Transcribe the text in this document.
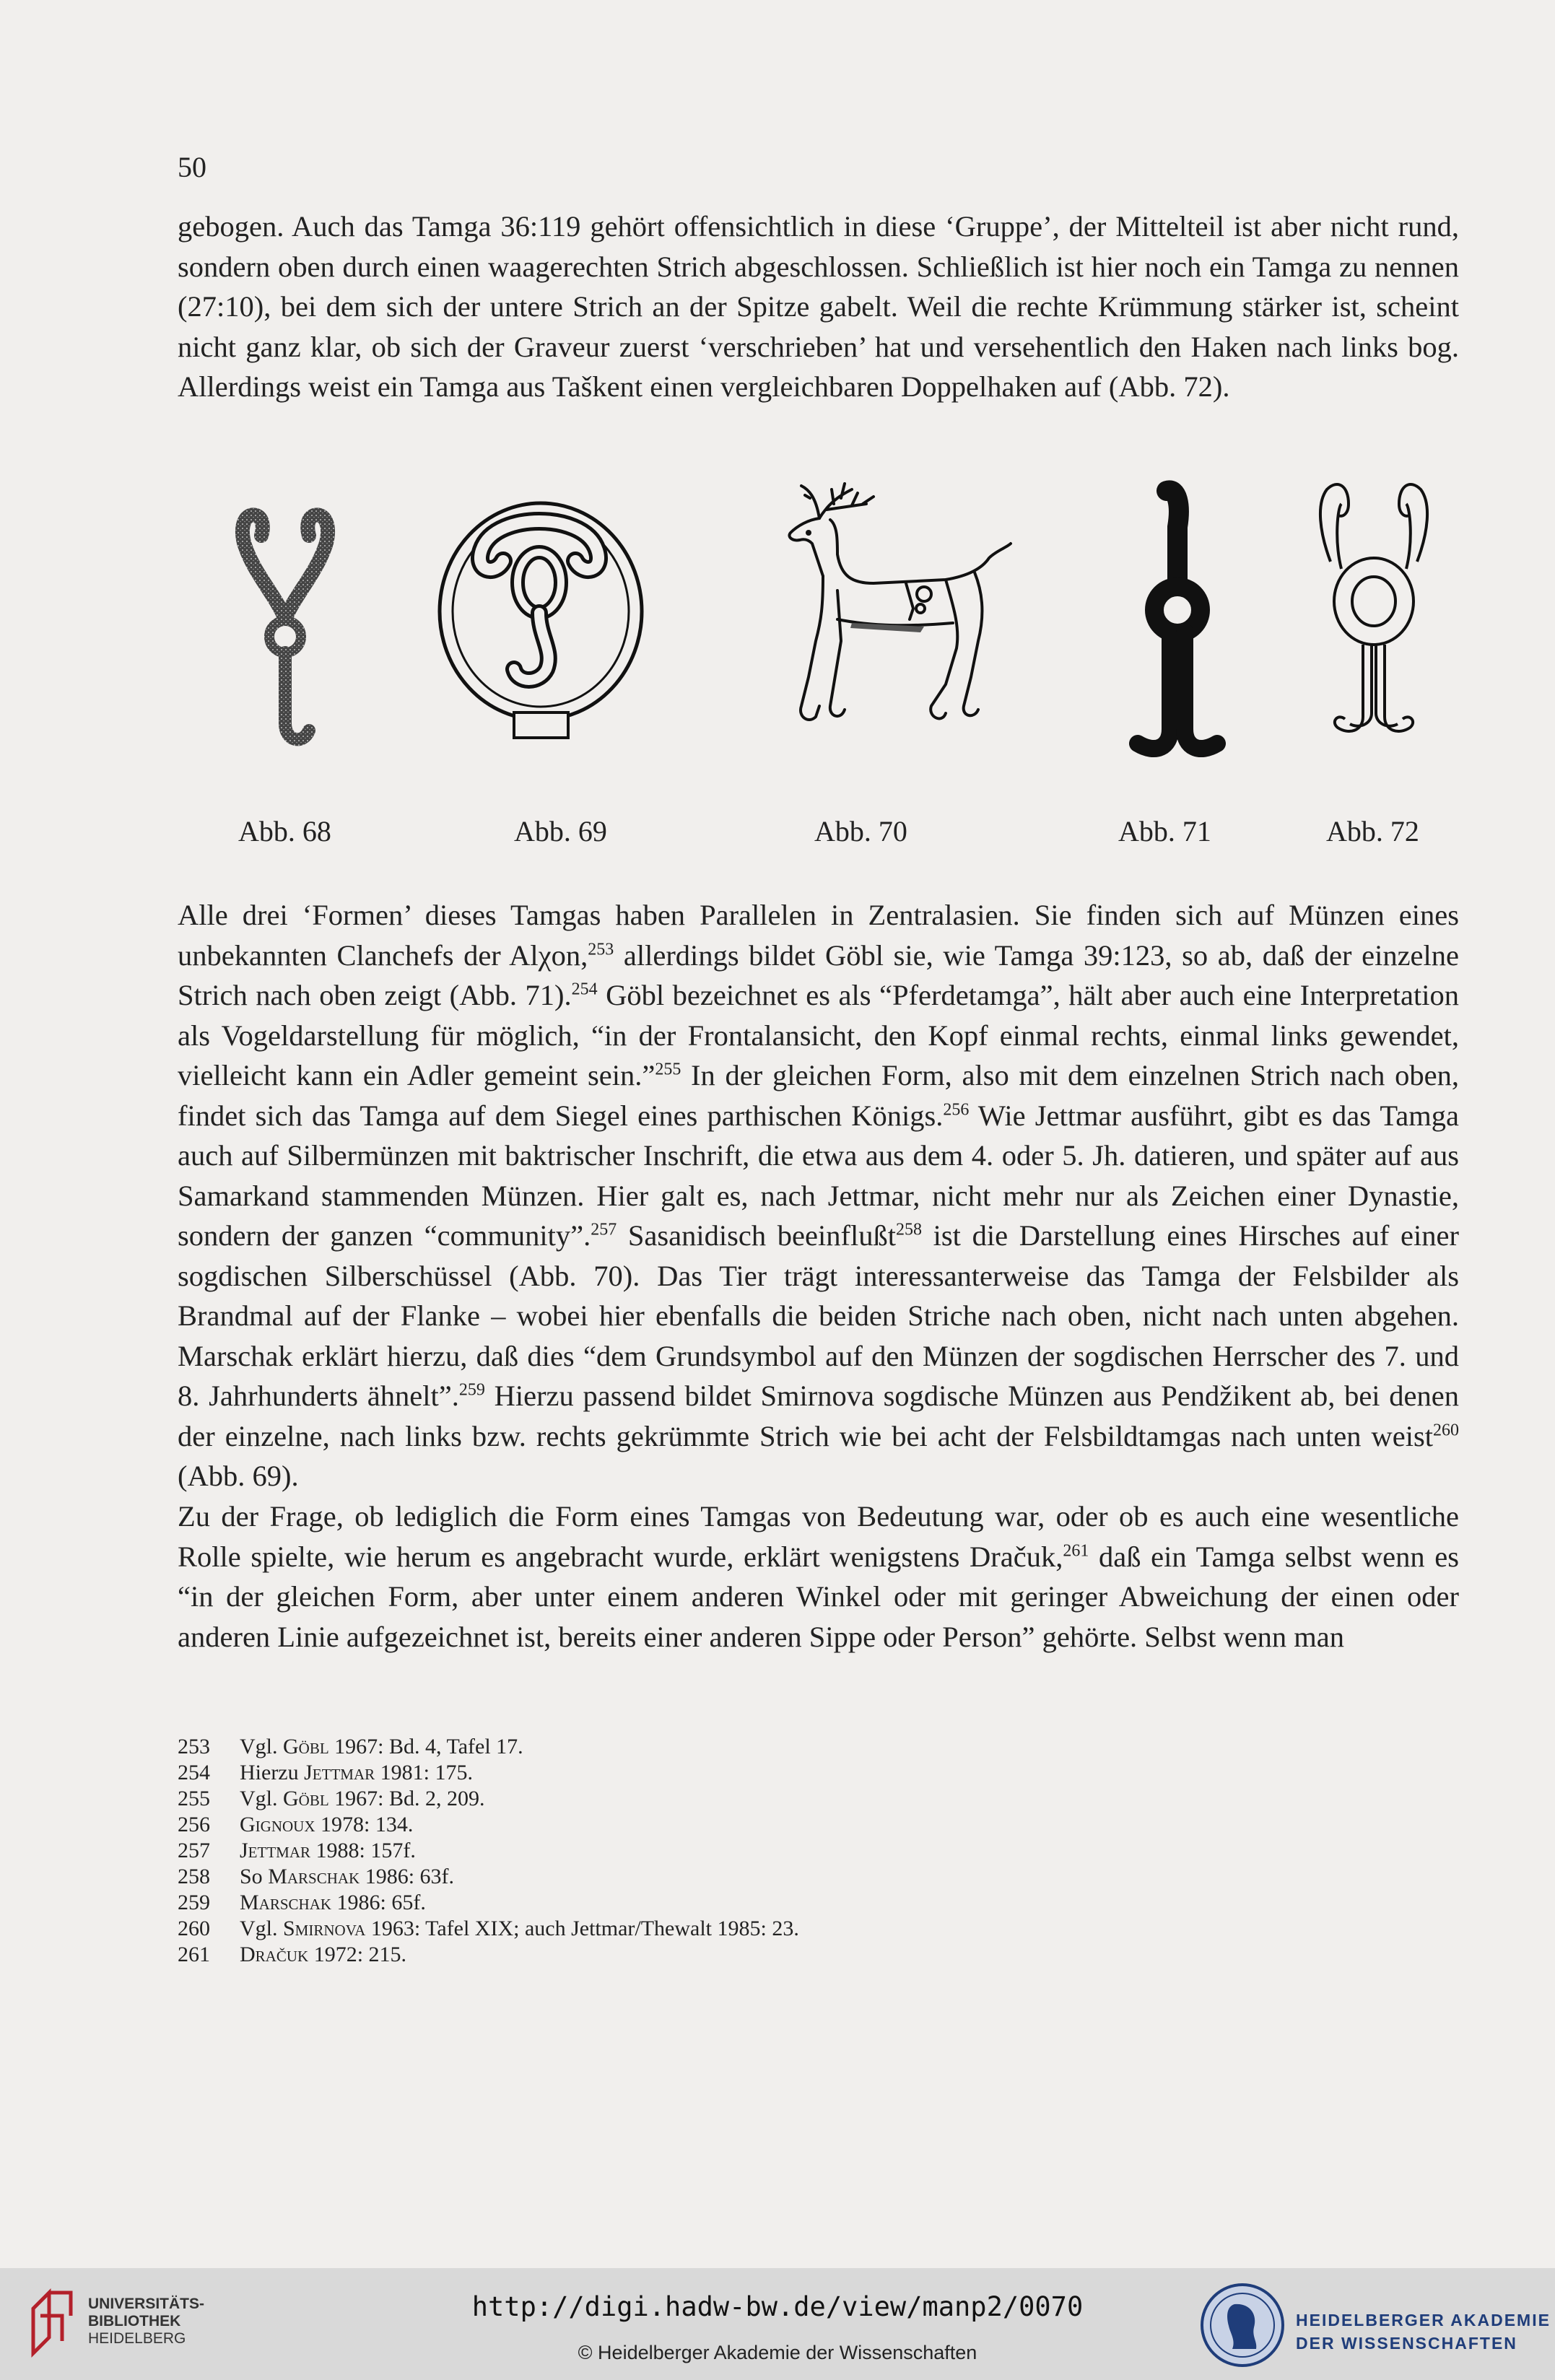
50

gebogen. Auch das Tamga 36:119 gehört offensichtlich in diese ‘Gruppe’, der Mittelteil ist aber nicht rund, sondern oben durch einen waagerechten Strich abgeschlossen. Schließlich ist hier noch ein Tamga zu nennen (27:10), bei dem sich der untere Strich an der Spitze gabelt. Weil die rechte Krümmung stärker ist, scheint nicht ganz klar, ob sich der Graveur zuerst ‘verschrieben’ hat und versehentlich den Haken nach links bog. Allerdings weist ein Tamga aus Taškent einen vergleichbaren Doppelhaken auf (Abb. 72).

Abb. 68	Abb. 69	Abb. 70	Abb. 71	Abb. 72

Alle drei ‘Formen’ dieses Tamgas haben Parallelen in Zentralasien. Sie finden sich auf Münzen eines unbekannten Clanchefs der Alχon,$^{253}$ allerdings bildet Göbl sie, wie Tamga 39:123, so ab, daß der einzelne Strich nach oben zeigt (Abb. 71).$^{254}$ Göbl bezeichnet es als “Pferdetamga”, hält aber auch eine Interpretation als Vogeldarstellung für möglich, “in der Frontalansicht, den Kopf einmal rechts, einmal links gewendet, vielleicht kann ein Adler gemeint sein.”$^{255}$ In der gleichen Form, also mit dem einzelnen Strich nach oben, findet sich das Tamga auf dem Siegel eines parthischen Königs.$^{256}$ Wie Jettmar ausführt, gibt es das Tamga auch auf Silbermünzen mit baktrischer Inschrift, die etwa aus dem 4. oder 5. Jh. datieren, und später auf aus Samarkand stammenden Münzen. Hier galt es, nach Jettmar, nicht mehr nur als Zeichen einer Dynastie, sondern der ganzen “community”.$^{257}$ Sasanidisch beeinflußt$^{258}$ ist die Darstellung eines Hirsches auf einer sogdischen Silberschüssel (Abb. 70). Das Tier trägt interessanterweise das Tamga der Felsbilder als Brandmal auf der Flanke – wobei hier ebenfalls die beiden Striche nach oben, nicht nach unten abgehen. Marschak erklärt hierzu, daß dies “dem Grundsymbol auf den Münzen der sogdischen Herrscher des 7. und 8. Jahrhunderts ähnelt”.$^{259}$ Hierzu passend bildet Smirnova sogdische Münzen aus Pendžikent ab, bei denen der einzelne, nach links bzw. rechts gekrümmte Strich wie bei acht der Felsbildtamgas nach unten weist$^{260}$ (Abb. 69).

Zu der Frage, ob lediglich die Form eines Tamgas von Bedeutung war, oder ob es auch eine wesentliche Rolle spielte, wie herum es angebracht wurde, erklärt wenigstens Dračuk,$^{261}$ daß ein Tamga selbst wenn es “in der gleichen Form, aber unter einem anderen Winkel oder mit geringer Abweichung der einen oder anderen Linie aufgezeichnet ist, bereits einer anderen Sippe oder Person” gehörte. Selbst wenn man

253 Vgl. Göbl 1967: Bd. 4, Tafel 17.
254 Hierzu Jettmar 1981: 175.
255 Vgl. Göbl 1967: Bd. 2, 209.
256 Gignoux 1978: 134.
257 Jettmar 1988: 157f.
258 So Marschak 1986: 63f.
259 Marschak 1986: 65f.
260 Vgl. Smirnova 1963: Tafel XIX; auch Jettmar/Thewalt 1985: 23.
261 Dračuk 1972: 215.
UNIVERSITÄTS-
BIBLIOTHEK
HEIDELBERG
http://digi.hadw-bw.de/view/manp2/0070
© Heidelberger Akademie der Wissenschaften
HEIDELBERGER AKADEMIE
DER WISSENSCHAFTEN
